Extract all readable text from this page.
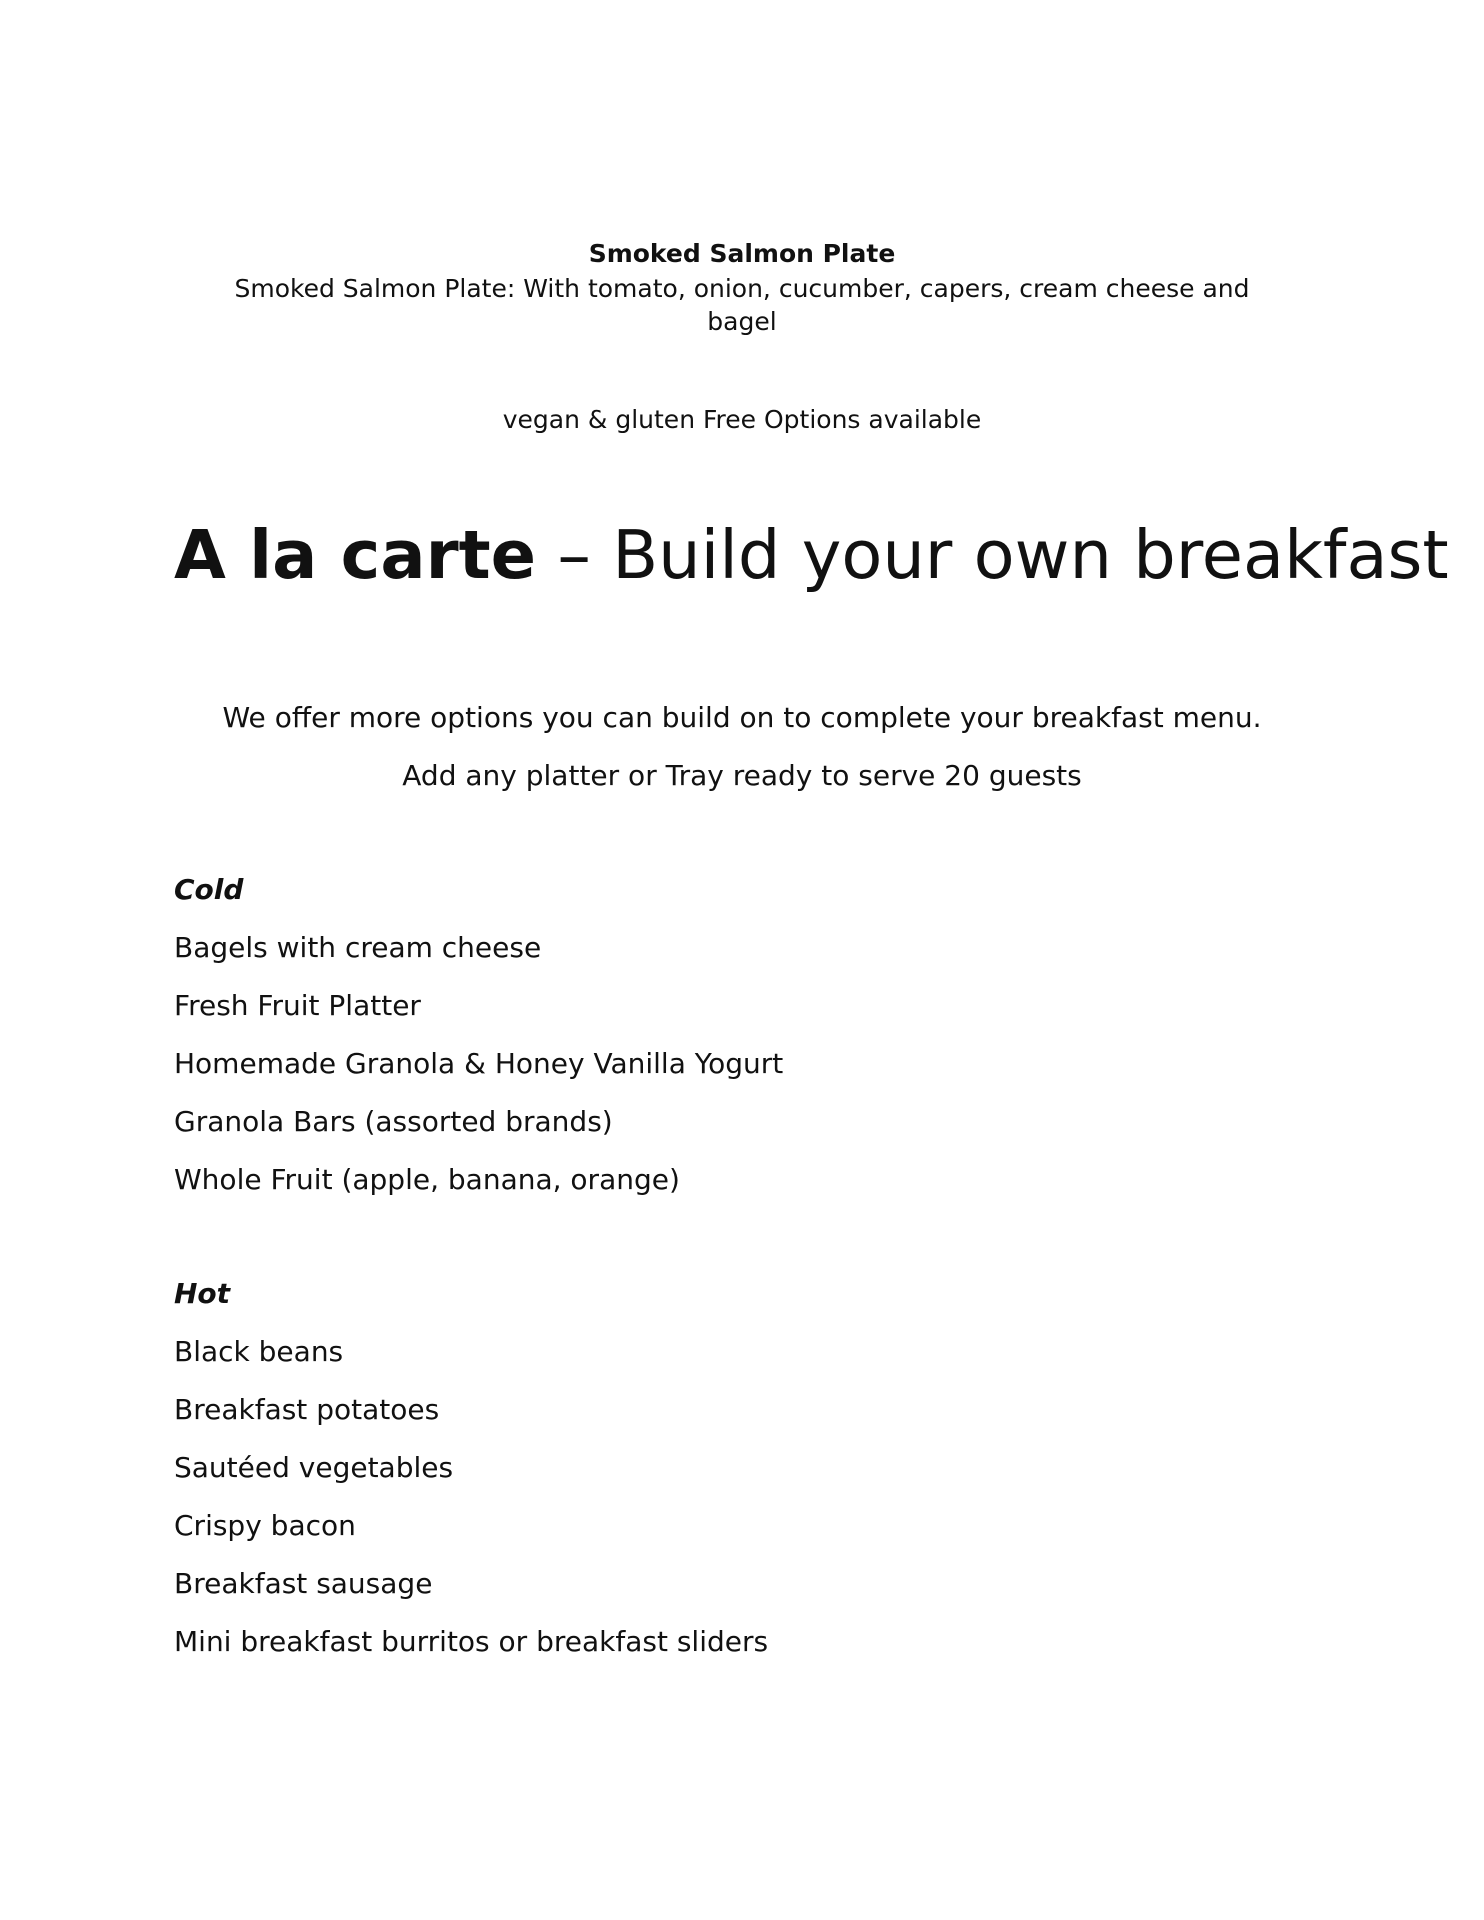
Smoked Salmon Plate
Smoked Salmon Plate: With tomato, onion, cucumber, capers, cream cheese and bagel
vegan & gluten Free Options available
A la carte – Build your own breakfast
We offer more options you can build on to complete your breakfast menu.
Add any platter or Tray ready to serve 20 guests
Cold
Bagels with cream cheese
Fresh Fruit Platter
Homemade Granola & Honey Vanilla Yogurt
Granola Bars (assorted brands)
Whole Fruit (apple, banana, orange)
Hot
Black beans
Breakfast potatoes
Sautéed vegetables
Crispy bacon
Breakfast sausage
Mini breakfast burritos or breakfast sliders
